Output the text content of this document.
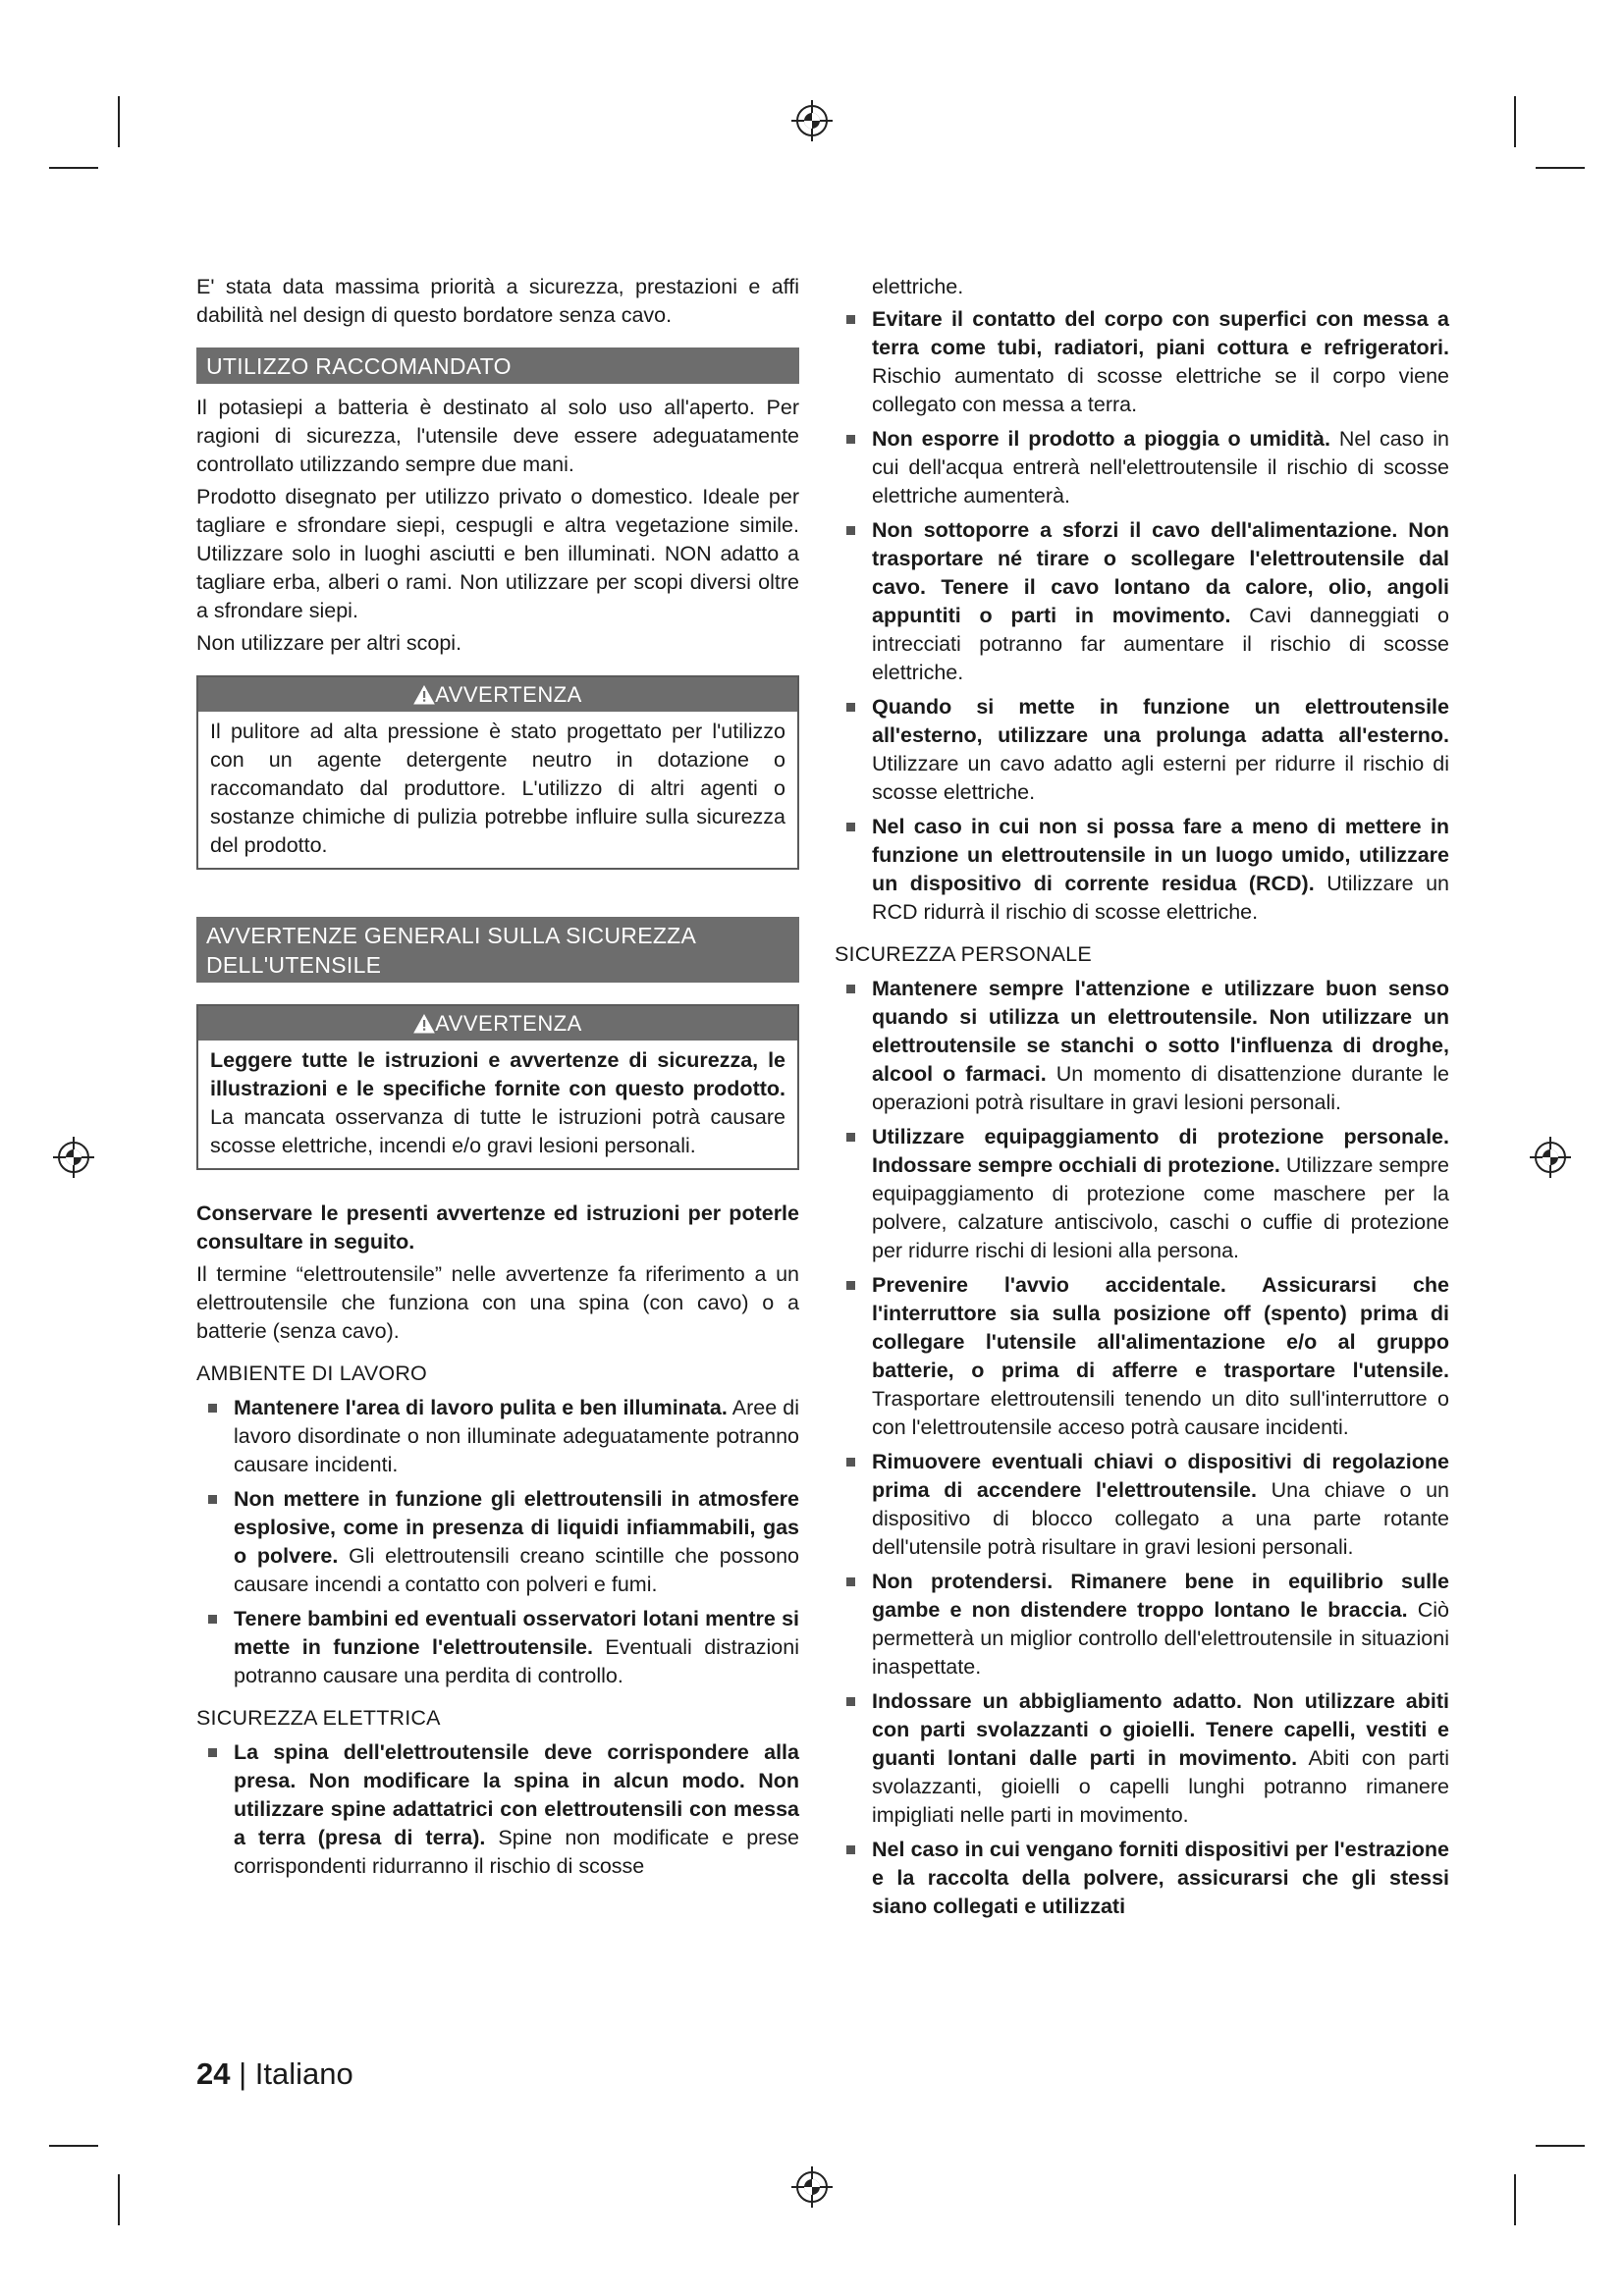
E' stata data massima priorità a sicurezza, prestazioni e affi dabilità nel design di questo bordatore senza cavo.

UTILIZZO RACCOMANDATO

Il potasiepi a batteria è destinato al solo uso all'aperto. Per ragioni di sicurezza, l'utensile deve essere adeguatamente controllato utilizzando sempre due mani.

Prodotto disegnato per utilizzo privato o domestico. Ideale per tagliare e sfrondare siepi, cespugli e altra vegetazione simile. Utilizzare solo in luoghi asciutti e ben illuminati. NON adatto a tagliare erba, alberi o rami. Non utilizzare per scopi diversi oltre a sfrondare siepi.

Non utilizzare per altri scopi.

AVVERTENZA

Il pulitore ad alta pressione è stato progettato per l'utilizzo con un agente detergente neutro in dotazione o raccomandato dal produttore. L'utilizzo di altri agenti o sostanze chimiche di pulizia potrebbe influire sulla sicurezza del prodotto.

AVVERTENZE GENERALI SULLA SICUREZZA DELL'UTENSILE
AVVERTENZA

Leggere tutte le istruzioni e avvertenze di sicurezza, le illustrazioni e le specifiche fornite con questo prodotto. La mancata osservanza di tutte le istruzioni potrà causare scosse elettriche, incendi e/o gravi lesioni personali.

Conservare le presenti avvertenze ed istruzioni per poterle consultare in seguito.

Il termine “elettroutensile” nelle avvertenze fa riferimento a un elettroutensile che funziona con una spina (con cavo) o a batterie (senza cavo).

AMBIENTE DI LAVORO
Mantenere l'area di lavoro pulita e ben illuminata. Aree di lavoro disordinate o non illuminate adeguatamente potranno causare incidenti.
Non mettere in funzione gli elettroutensili in atmosfere esplosive, come in presenza di liquidi infiammabili, gas o polvere. Gli elettroutensili creano scintille che possono causare incendi a contatto con polveri e fumi.
Tenere bambini ed eventuali osservatori lotani mentre si mette in funzione l'elettroutensile. Eventuali distrazioni potranno causare una perdita di controllo.
SICUREZZA ELETTRICA
La spina dell'elettroutensile deve corrispondere alla presa. Non modificare la spina in alcun modo. Non utilizzare spine adattatrici con elettroutensili con messa a terra (presa di terra). Spine non modificate e prese corrispondenti ridurranno il rischio di scosse

elettriche.

Evitare il contatto del corpo con superfici con messa a terra come tubi, radiatori, piani cottura e refrigeratori. Rischio aumentato di scosse elettriche se il corpo viene collegato con messa a terra.
Non esporre il prodotto a pioggia o umidità. Nel caso in cui dell'acqua entrerà nell'elettroutensile il rischio di scosse elettriche aumenterà.
Non sottoporre a sforzi il cavo dell'alimentazione. Non trasportare né tirare o scollegare l'elettroutensile dal cavo. Tenere il cavo lontano da calore, olio, angoli appuntiti o parti in movimento. Cavi danneggiati o intrecciati potranno far aumentare il rischio di scosse elettriche.
Quando si mette in funzione un elettroutensile all'esterno, utilizzare una prolunga adatta all'esterno. Utilizzare un cavo adatto agli esterni per ridurre il rischio di scosse elettriche.
Nel caso in cui non si possa fare a meno di mettere in funzione un elettroutensile in un luogo umido, utilizzare un dispositivo di corrente residua (RCD). Utilizzare un RCD ridurrà il rischio di scosse elettriche.
SICUREZZA PERSONALE
Mantenere sempre l'attenzione e utilizzare buon senso quando si utilizza un elettroutensile. Non utilizzare un elettroutensile se stanchi o sotto l'influenza di droghe, alcool o farmaci. Un momento di disattenzione durante le operazioni potrà risultare in gravi lesioni personali.
Utilizzare equipaggiamento di protezione personale. Indossare sempre occhiali di protezione. Utilizzare sempre equipaggiamento di protezione come maschere per la polvere, calzature antiscivolo, caschi o cuffie di protezione per ridurre rischi di lesioni alla persona.
Prevenire l'avvio accidentale. Assicurarsi che l'interruttore sia sulla posizione off (spento) prima di collegare l'utensile all'alimentazione e/o al gruppo batterie, o prima di afferre e trasportare l'utensile. Trasportare elettroutensili tenendo un dito sull'interruttore o con l'elettroutensile acceso potrà causare incidenti.
Rimuovere eventuali chiavi o dispositivi di regolazione prima di accendere l'elettroutensile. Una chiave o un dispositivo di blocco collegato a una parte rotante dell'utensile potrà risultare in gravi lesioni personali.
Non protendersi. Rimanere bene in equilibrio sulle gambe e non distendere troppo lontano le braccia. Ciò permetterà un miglior controllo dell'elettroutensile in situazioni inaspettate.
Indossare un abbigliamento adatto. Non utilizzare abiti con parti svolazzanti o gioielli. Tenere capelli, vestiti e guanti lontani dalle parti in movimento. Abiti con parti svolazzanti, gioielli o capelli lunghi potranno rimanere impigliati nelle parti in movimento.
Nel caso in cui vengano forniti dispositivi per l'estrazione e la raccolta della polvere, assicurarsi che gli stessi siano collegati e utilizzati
24 | Italiano
